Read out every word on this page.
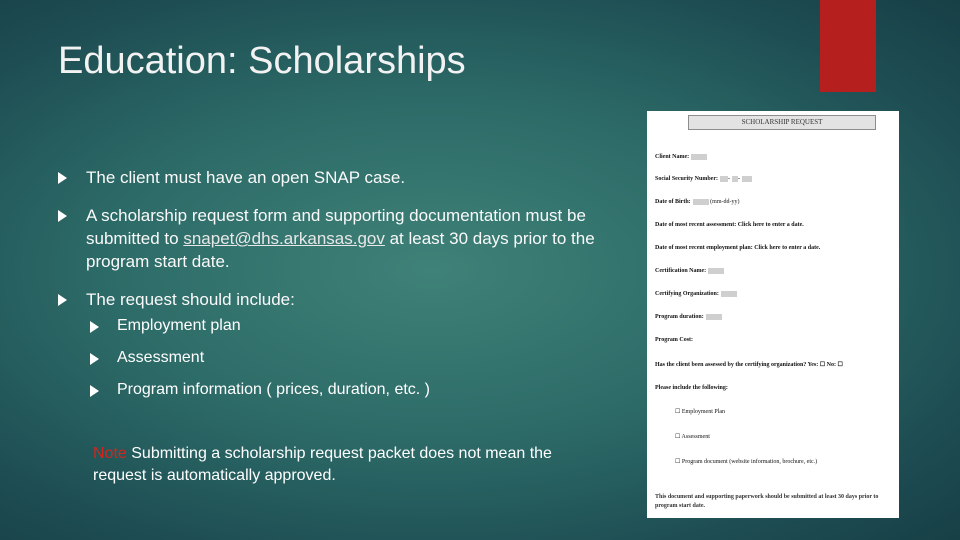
Education: Scholarships
The client must have an open SNAP case.
A scholarship request form and supporting documentation must be submitted to snapet@dhs.arkansas.gov at least 30 days prior to the program start date.
The request should include:
Employment plan
Assessment
Program information ( prices, duration, etc. )
Note Submitting a scholarship request packet does not mean the request is automatically approved.
SCHOLARSHIP REQUEST
Client Name:
Social Security Number: - -
Date of Birth:	(mm-dd-yy)
Date of most recent assessment: Click here to enter a date.
Date of most recent employment plan: Click here to enter a date.
Certification Name:
Certifying Organization:
Program duration:
Program Cost:
Has the client been assessed by the certifying organization? Yes: ☐ No: ☐
Please include the following:
☐ Employment Plan
☐ Assessment
☐ Program document (website information, brochure, etc.)
This document and supporting paperwork should be submitted at least 30 days prior to program start date.
